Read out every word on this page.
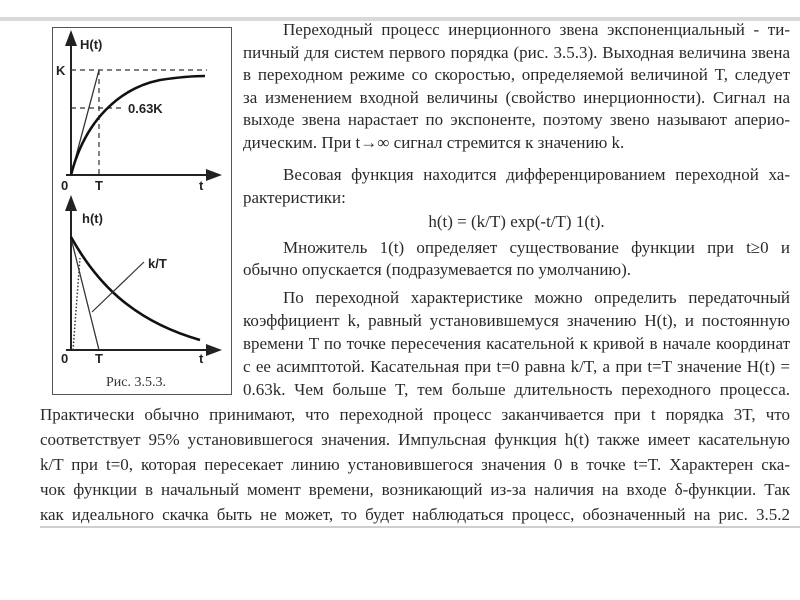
H(t)
K
0.63K
0 T	t
h(t)
k/T
0 T	t
Рис. 3.5.3.
Переходный процесс инерционного звена экспоненциальный - ти-
пичный для систем первого порядка (рис. 3.5.3). Выходная величина звена
в переходном режиме со скоростью, определяемой величиной T, следует
за изменением входной величины (свойство инерционности). Сигнал на
выходе звена нарастает по экспоненте, поэтому звено называют аперио-
дическим. При t→∞ сигнал стремится к значению k.
Весовая функция находится дифференцированием переходной ха-
рактеристики:
h(t) = (k/T) exp(-t/T) 1(t).
Множитель 1(t) определяет существование функции при t≥0 и
обычно опускается (подразумевается по умолчанию).
По переходной характеристике можно определить передаточный
коэффициент k, равный установившемуся значению H(t), и постоянную
времени T по точке пересечения касательной к кривой в начале координат
с ее асимптотой. Касательная при t=0 равна k/T, а при t=T значение H(t) =
0.63k. Чем больше T, тем больше длительность переходного процесса.
Практически обычно принимают, что переходной процесс заканчивается при t порядка 3T, что
соответствует 95% установившегося значения. Импульсная функция h(t) также имеет касательную
k/T при t=0, которая пересекает линию установившегося значения 0 в точке t=T. Характерен ска-
чок функции в начальный момент времени, возникающий из-за наличия на входе δ-функции. Так
как идеального скачка быть не может, то будет наблюдаться процесс, обозначенный на рис. 3.5.2
